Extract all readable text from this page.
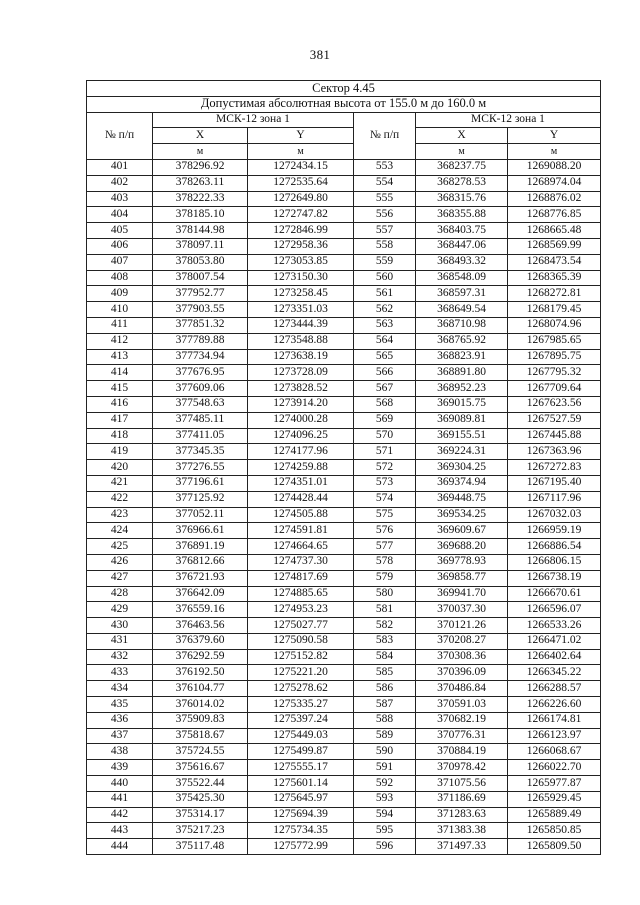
381
Сектор 4.45					
Допустимая абсолютная высота от 155.0 м до 160.0 м					
№ п/п	МСК-12 зона 1		№ п/п	МСК-12 зона 1	
	X	Y		X	Y
	м	м		м	м
401	378296.92	1272434.15	553	368237.75	1269088.20
402	378263.11	1272535.64	554	368278.53	1268974.04
403	378222.33	1272649.80	555	368315.76	1268876.02
404	378185.10	1272747.82	556	368355.88	1268776.85
405	378144.98	1272846.99	557	368403.75	1268665.48
406	378097.11	1272958.36	558	368447.06	1268569.99
407	378053.80	1273053.85	559	368493.32	1268473.54
408	378007.54	1273150.30	560	368548.09	1268365.39
409	377952.77	1273258.45	561	368597.31	1268272.81
410	377903.55	1273351.03	562	368649.54	1268179.45
411	377851.32	1273444.39	563	368710.98	1268074.96
412	377789.88	1273548.88	564	368765.92	1267985.65
413	377734.94	1273638.19	565	368823.91	1267895.75
414	377676.95	1273728.09	566	368891.80	1267795.32
415	377609.06	1273828.52	567	368952.23	1267709.64
416	377548.63	1273914.20	568	369015.75	1267623.56
417	377485.11	1274000.28	569	369089.81	1267527.59
418	377411.05	1274096.25	570	369155.51	1267445.88
419	377345.35	1274177.96	571	369224.31	1267363.96
420	377276.55	1274259.88	572	369304.25	1267272.83
421	377196.61	1274351.01	573	369374.94	1267195.40
422	377125.92	1274428.44	574	369448.75	1267117.96
423	377052.11	1274505.88	575	369534.25	1267032.03
424	376966.61	1274591.81	576	369609.67	1266959.19
425	376891.19	1274664.65	577	369688.20	1266886.54
426	376812.66	1274737.30	578	369778.93	1266806.15
427	376721.93	1274817.69	579	369858.77	1266738.19
428	376642.09	1274885.65	580	369941.70	1266670.61
429	376559.16	1274953.23	581	370037.30	1266596.07
430	376463.56	1275027.77	582	370121.26	1266533.26
431	376379.60	1275090.58	583	370208.27	1266471.02
432	376292.59	1275152.82	584	370308.36	1266402.64
433	376192.50	1275221.20	585	370396.09	1266345.22
434	376104.77	1275278.62	586	370486.84	1266288.57
435	376014.02	1275335.27	587	370591.03	1266226.60
436	375909.83	1275397.24	588	370682.19	1266174.81
437	375818.67	1275449.03	589	370776.31	1266123.97
438	375724.55	1275499.87	590	370884.19	1266068.67
439	375616.67	1275555.17	591	370978.42	1266022.70
440	375522.44	1275601.14	592	371075.56	1265977.87
441	375425.30	1275645.97	593	371186.69	1265929.45
442	375314.17	1275694.39	594	371283.63	1265889.49
443	375217.23	1275734.35	595	371383.38	1265850.85
444	375117.48	1275772.99	596	371497.33	1265809.50
